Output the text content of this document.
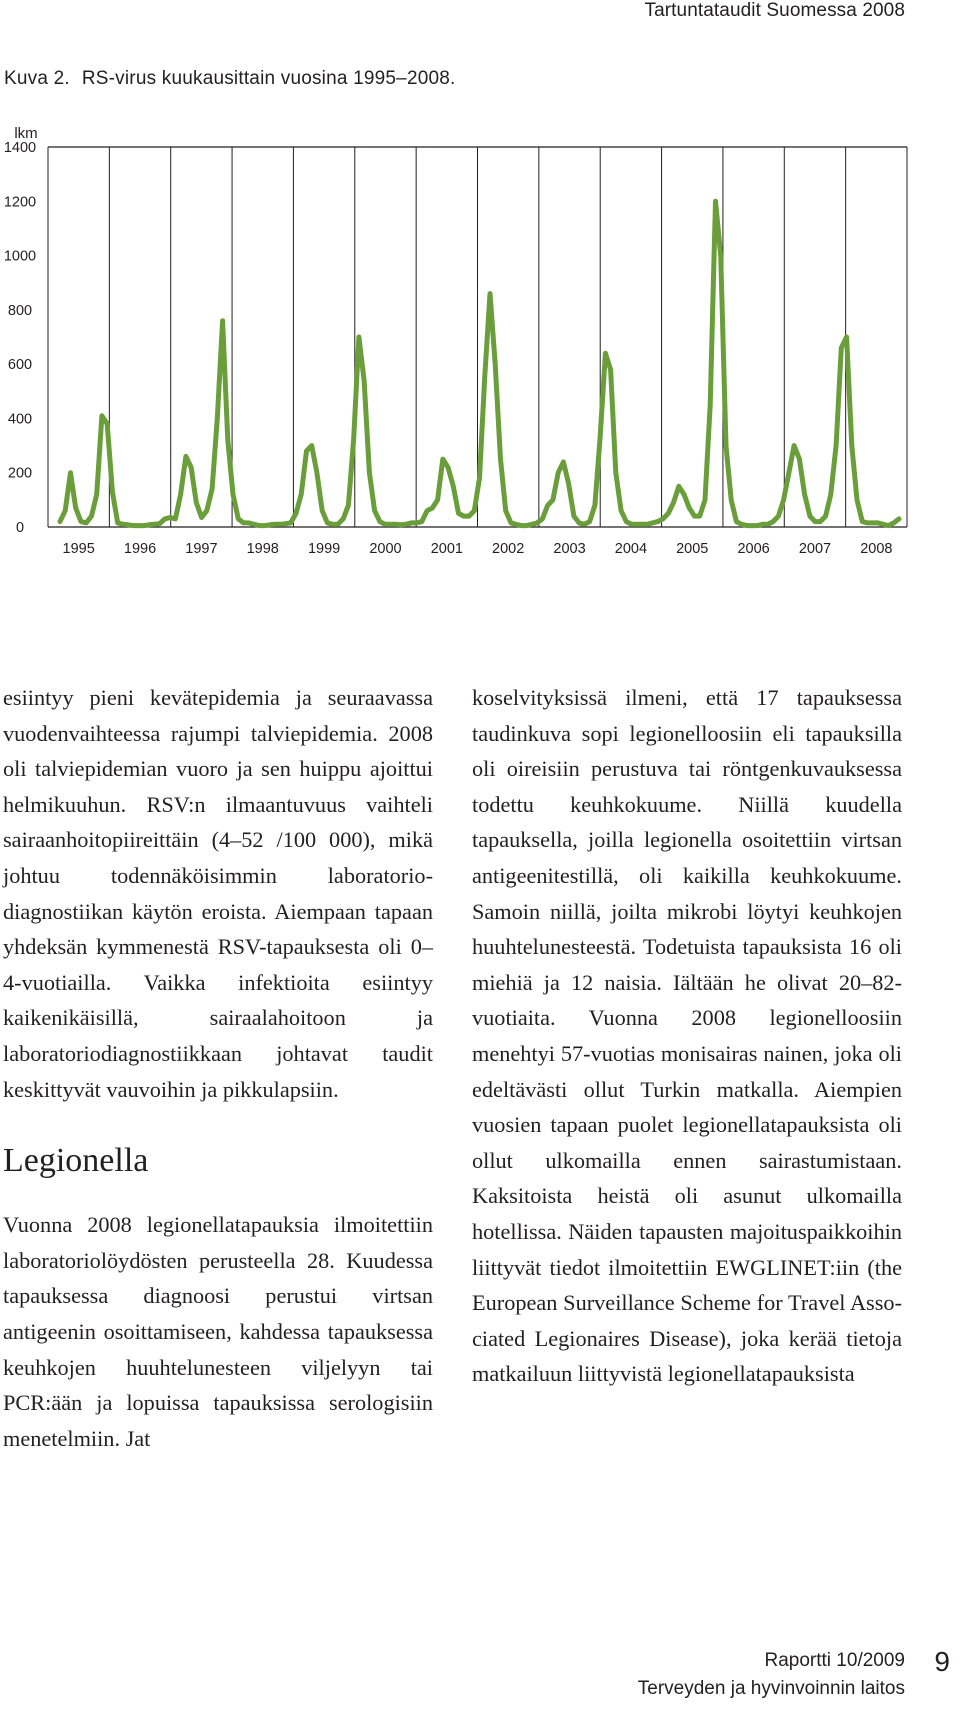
Tartuntataudit Suomessa 2008
Kuva 2. RS-virus kuukausittain vuosina 1995–2008.
0
200
400
600
800
1000
1200
1400
1995 1996 1997 1998 1999 2000 2001 2002 2003 2004 2005 2006 2007 2008
lkm

esiintyy pieni kevätepidemia ja seuraavassa vuodenvaihteessa rajumpi talviepidemia. 2008 oli talviepidemian vuoro ja sen huippu ajoittui helmikuuhun. RSV:n ilmaantuvuus vaihteli sairaanhoitopiireittäin (4–52 /100 000), mikä johtuu todennäköisimmin laboratoriodiagnostiikan käytön eroista. Aiempaan tapaan yhdeksän kymmenestä RSV-tapauksesta oli 0–4-vuotiailla. Vaikka infektioita esiintyy kaikenikäisillä, sairaalahoitoon ja laboratoriodiagnostiikkaan johtavat taudit keskittyvät vauvoihin ja pikkulapsiin.

Legionella

Vuonna 2008 legionellatapauksia ilmoitettiin laboratoriolöydösten perusteella 28. Kuudessa tapauksessa diagnoosi perustui virtsan antigeenin osoittamiseen, kahdessa tapauksessa keuhkojen huuhtelunesteen viljelyyn tai PCR:ään ja lopuissa tapauksissa serologisiin menetelmiin. Jat

koselvityksissä ilmeni, että 17 tapauksessa taudinkuva sopi legionelloosiin eli tapauksilla oli oireisiin perustuva tai röntgenkuvauksessa todettu keuhkokuume. Niillä kuudella tapauksella, joilla legionella osoitettiin virtsan antigeenitestillä, oli kaikilla keuhkokuume. Samoin niillä, joilta mikrobi löytyi keuhkojen huuhtelunesteestä. Todetuista tapauksista 16 oli miehiä ja 12 naisia. Iältään he olivat 20–82-vuotiaita. Vuonna 2008 legionelloosiin menehtyi 57-vuotias monisairas nainen, joka oli edeltävästi ollut Turkin matkalla. Aiempien vuosien tapaan puolet legionellatapauksista oli ollut ulkomailla ennen sairastumistaan. Kaksitoista heistä oli asunut ulkomailla hotellissa. Näiden tapausten majoituspaikkoihin liittyvät tiedot ilmoitettiin EWGLINET:iin (the European Surveillance Scheme for Travel Associated Legionaires Disease), joka kerää tietoja matkailuun liittyvistä legionellatapauksista

Raportti 10/2009
Terveyden ja hyvinvoinnin laitos
9
